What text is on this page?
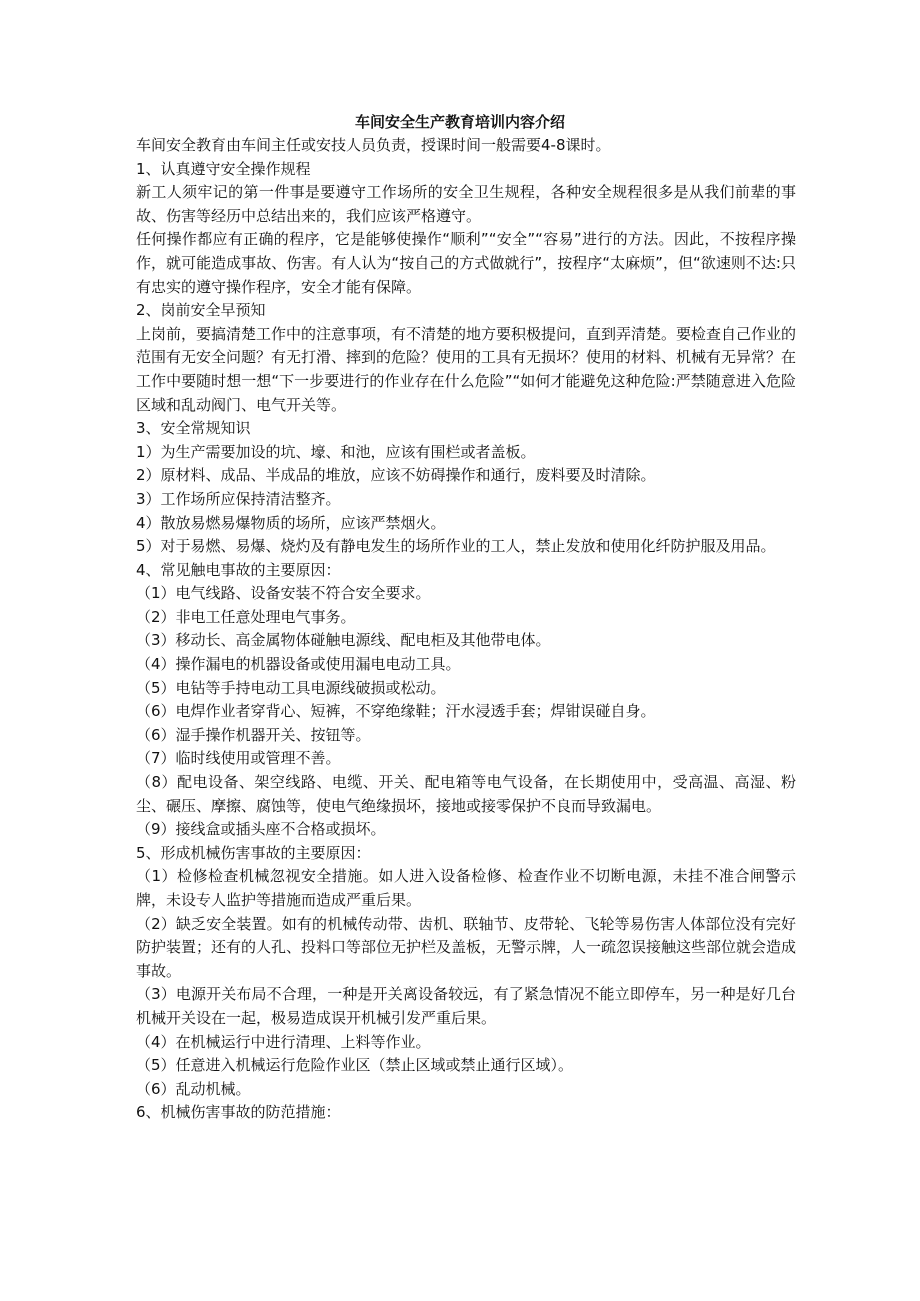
车间安全生产教育培训内容介绍

车间安全教育由车间主任或安技人员负责，授课时间一般需要4-8课时。

1、认真遵守安全操作规程

新工人须牢记的第一件事是要遵守工作场所的安全卫生规程，各种安全规程很多是从我们前辈的事故、伤害等经历中总结出来的，我们应该严格遵守。

任何操作都应有正确的程序，它是能够使操作“顺利”“安全”“容易”进行的方法。因此，不按程序操作，就可能造成事故、伤害。有人认为“按自己的方式做就行”，按程序“太麻烦”，但“欲速则不达:只有忠实的遵守操作程序，安全才能有保障。

2、岗前安全早预知

上岗前，要搞清楚工作中的注意事项，有不清楚的地方要积极提问，直到弄清楚。要检查自己作业的范围有无安全问题？有无打滑、摔到的危险？使用的工具有无损坏？使用的材料、机械有无异常？在工作中要随时想一想“下一步要进行的作业存在什么危险”“如何才能避免这种危险:严禁随意进入危险区域和乱动阀门、电气开关等。

3、安全常规知识

1）为生产需要加设的坑、壕、和池，应该有围栏或者盖板。

2）原材料、成品、半成品的堆放，应该不妨碍操作和通行，废料要及时清除。

3）工作场所应保持清洁整齐。

4）散放易燃易爆物质的场所，应该严禁烟火。

5）对于易燃、易爆、烧灼及有静电发生的场所作业的工人，禁止发放和使用化纤防护服及用品。

4、常见触电事故的主要原因：

（1）电气线路、设备安装不符合安全要求。

（2）非电工任意处理电气事务。

（3）移动长、高金属物体碰触电源线、配电柜及其他带电体。

（4）操作漏电的机器设备或使用漏电电动工具。

（5）电钻等手持电动工具电源线破损或松动。

（6）电焊作业者穿背心、短裤，不穿绝缘鞋；汗水浸透手套；焊钳误碰自身。

（6）湿手操作机器开关、按钮等。

（7）临时线使用或管理不善。

（8）配电设备、架空线路、电缆、开关、配电箱等电气设备，在长期使用中，受高温、高湿、粉尘、碾压、摩擦、腐蚀等，使电气绝缘损坏，接地或接零保护不良而导致漏电。

（9）接线盒或插头座不合格或损坏。

5、形成机械伤害事故的主要原因：

（1）检修检查机械忽视安全措施。如人进入设备检修、检查作业不切断电源，未挂不准合闸警示牌，未设专人监护等措施而造成严重后果。

（2）缺乏安全装置。如有的机械传动带、齿机、联轴节、皮带轮、飞轮等易伤害人体部位没有完好防护装置；还有的人孔、投料口等部位无护栏及盖板，无警示牌，人一疏忽误接触这些部位就会造成事故。

（3）电源开关布局不合理，一种是开关离设备较远，有了紧急情况不能立即停车，另一种是好几台机械开关设在一起，极易造成误开机械引发严重后果。

（4）在机械运行中进行清理、上料等作业。

（5）任意进入机械运行危险作业区（禁止区域或禁止通行区域）。

（6）乱动机械。

6、机械伤害事故的防范措施：
